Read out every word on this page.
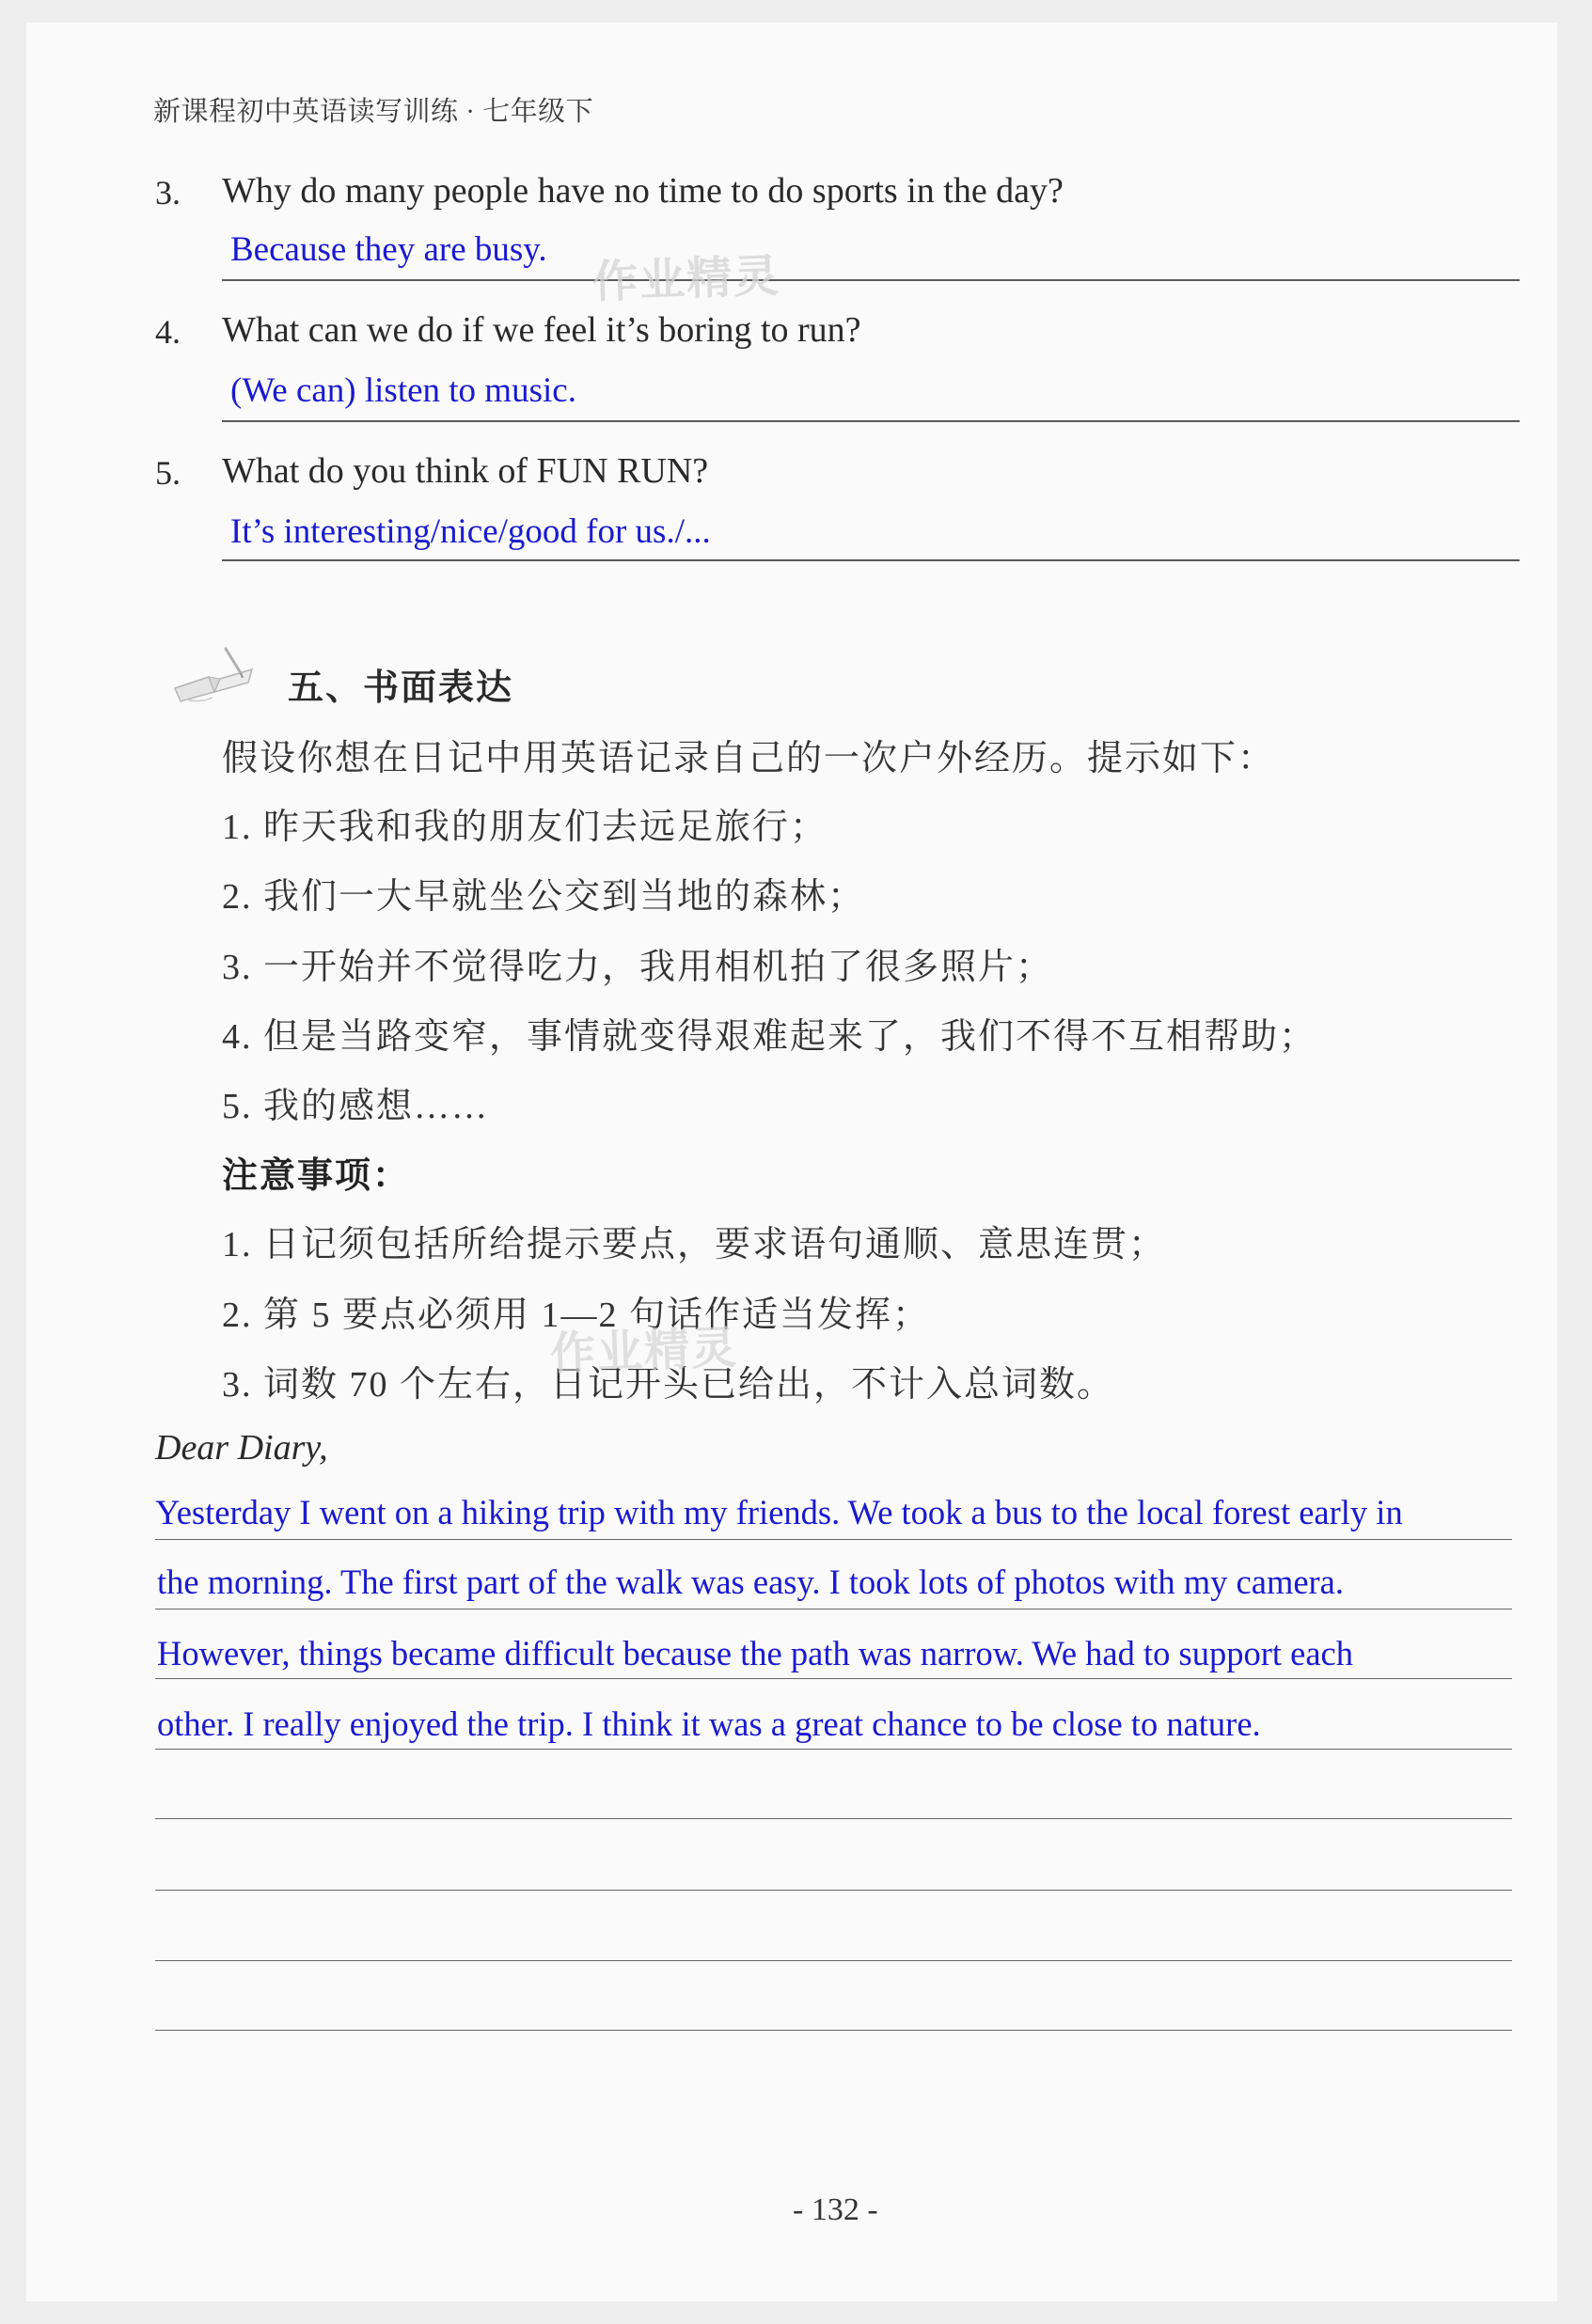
新课程初中英语读写训练 · 七年级下
3. Why do many people have no time to do sports in the day?
Because they are busy.
4. What can we do if we feel it’s boring to run?
(We can) listen to music.
5. What do you think of FUN RUN?
It’s interesting/nice/good for us./...
五、书面表达
假设你想在日记中用英语记录自己的一次户外经历。提示如下：
1. 昨天我和我的朋友们去远足旅行；
2. 我们一大早就坐公交到当地的森林；
3. 一开始并不觉得吃力，我用相机拍了很多照片；
4. 但是当路变窄，事情就变得艰难起来了，我们不得不互相帮助；
5. 我的感想……
注意事项：
1. 日记须包括所给提示要点，要求语句通顺、意思连贯；
2. 第 5 要点必须用 1—2 句话作适当发挥；
3. 词数 70 个左右，日记开头已给出，不计入总词数。
Dear Diary,
Yesterday I went on a hiking trip with my friends. We took a bus to the local forest early in
the morning. The first part of the walk was easy. I took lots of photos with my camera.
However, things became difficult because the path was narrow. We had to support each
other. I really enjoyed the trip. I think it was a great chance to be close to nature.
作业精灵
作业精灵
- 132 -
